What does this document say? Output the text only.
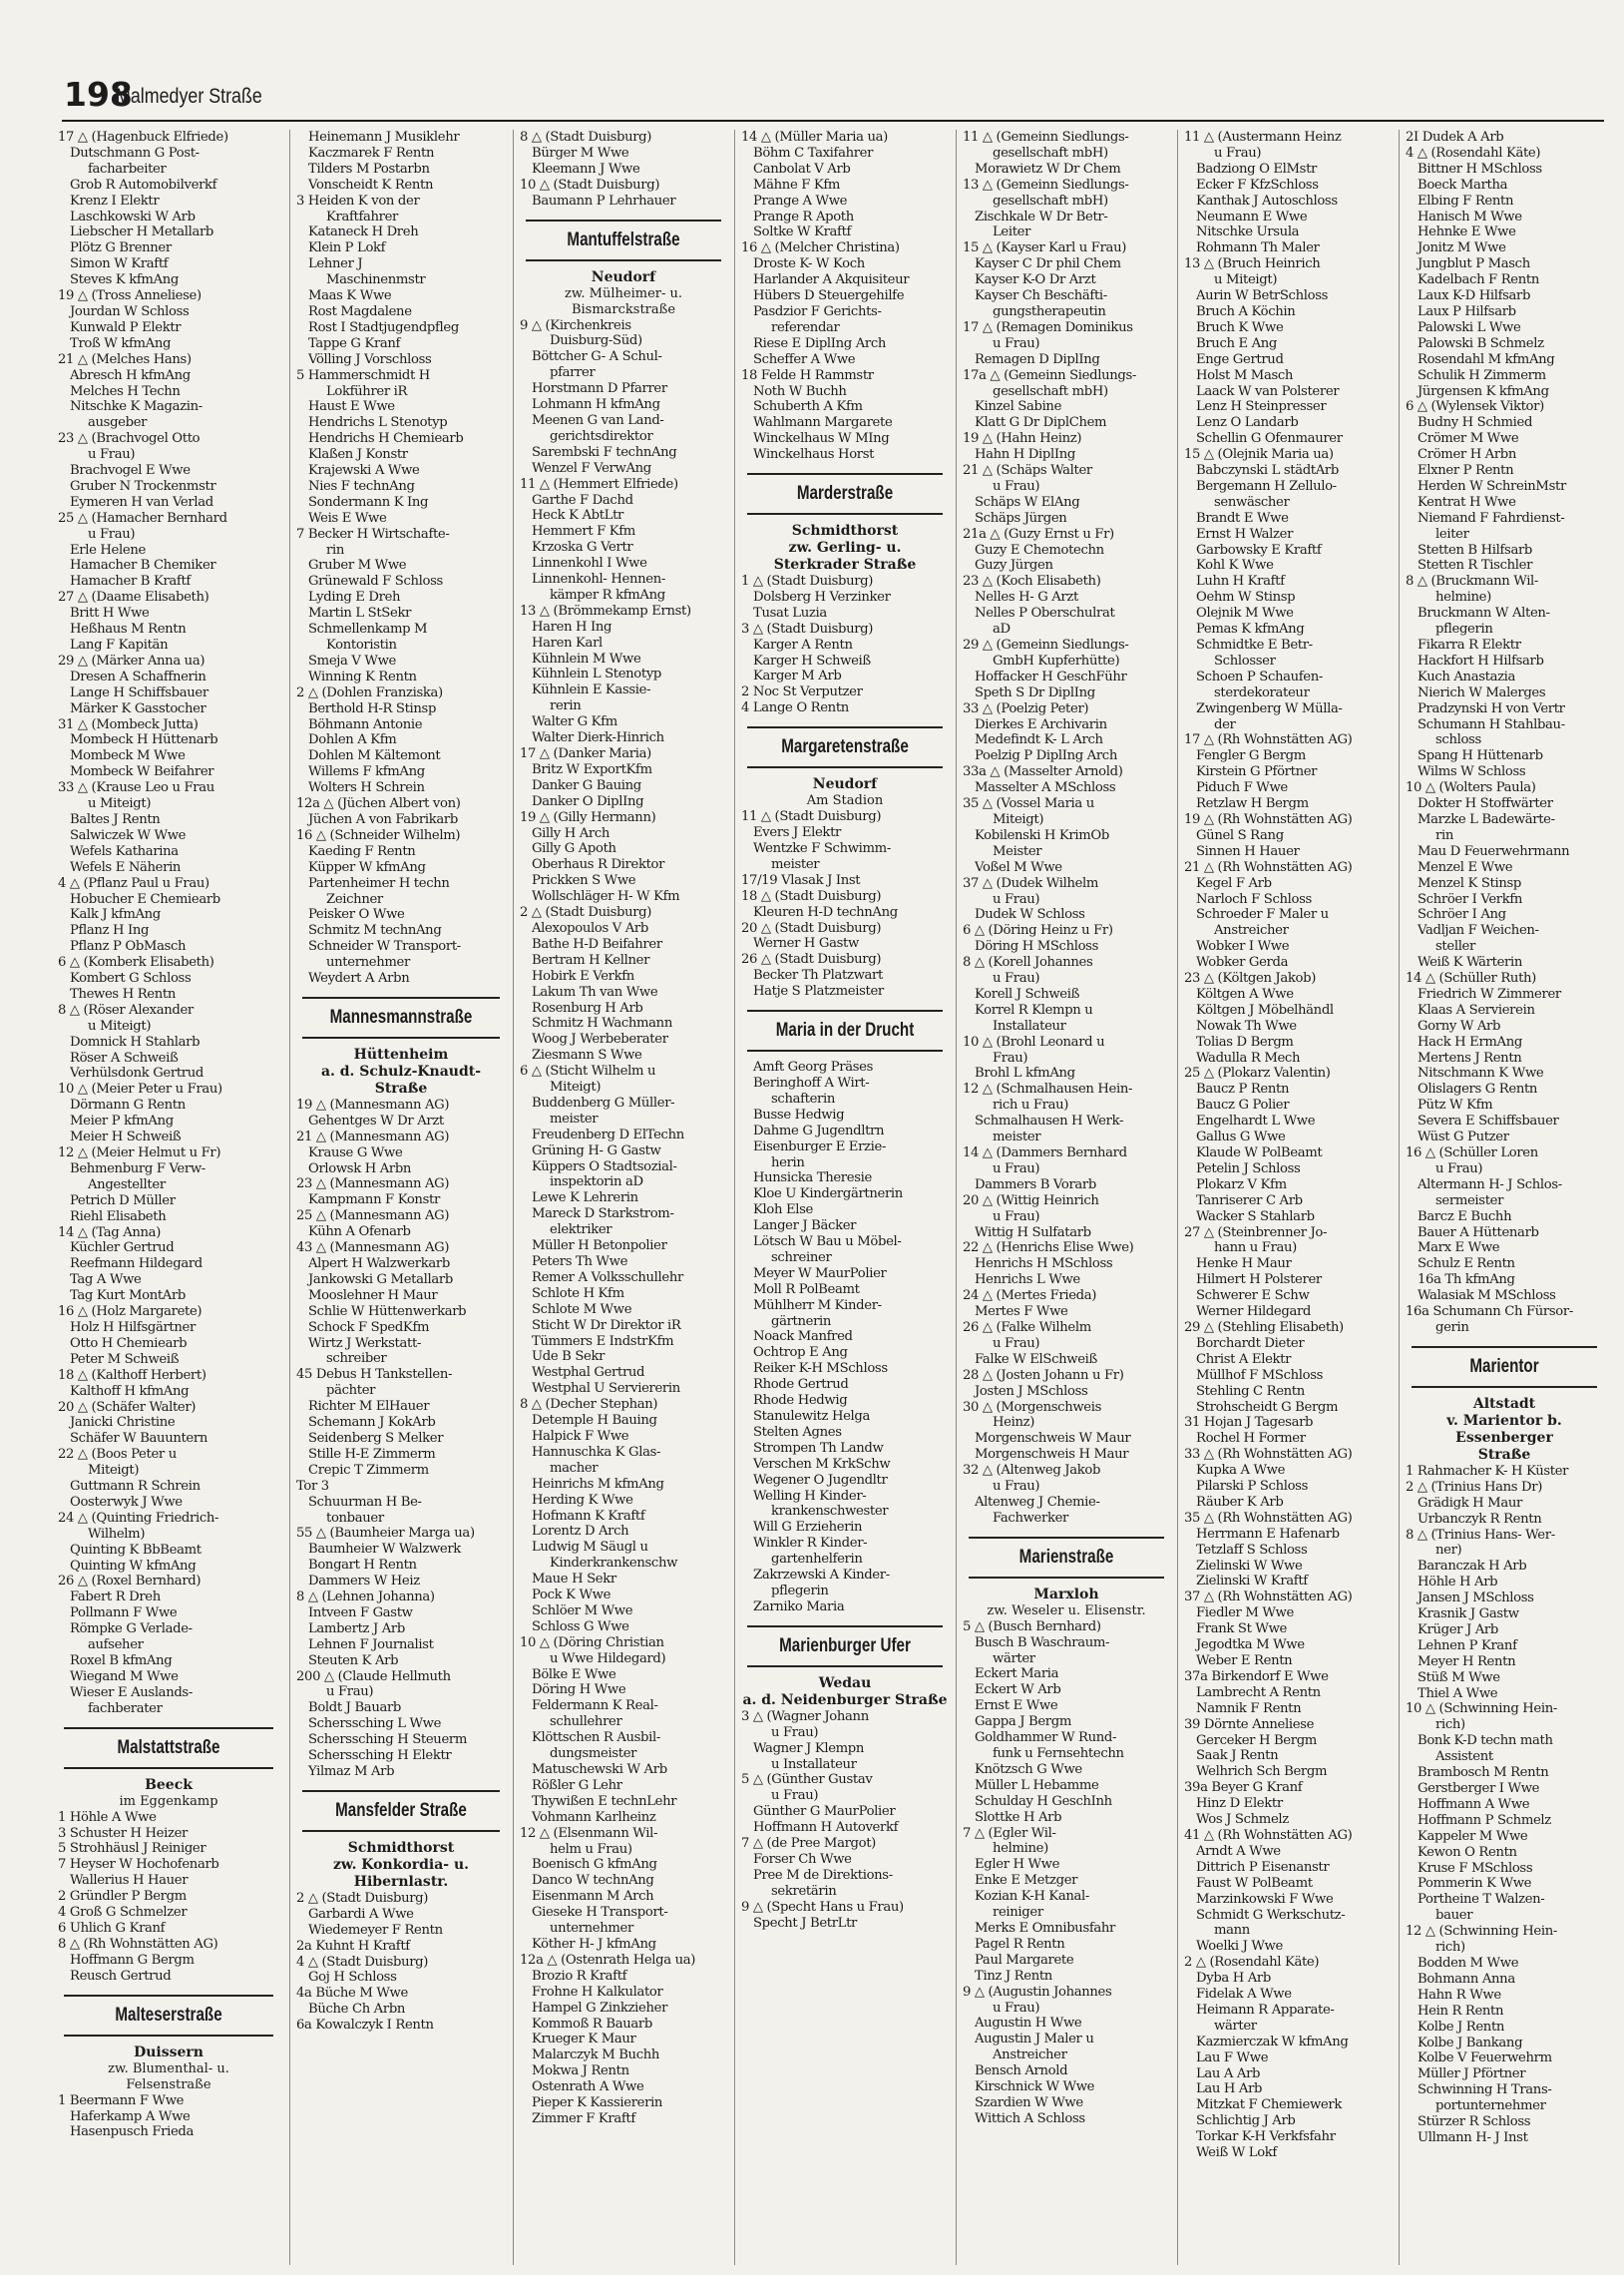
198
Malmedyer Straße
17 △ (Hagenbuck Elfriede)
Dutschmann G Post-
facharbeiter
Grob R Automobilverkf
Krenz I Elektr
Laschkowski W Arb
Liebscher H Metallarb
Plötz G Brenner
Simon W Kraftf
Steves K kfmAng
19 △ (Tross Anneliese)
Jourdan W Schloss
Kunwald P Elektr
Troß W kfmAng
21 △ (Melches Hans)
Abresch H kfmAng
Melches H Techn
Nitschke K Magazin-
ausgeber
23 △ (Brachvogel Otto
u Frau)
Brachvogel E Wwe
Gruber N Trockenmstr
Eymeren H van Verlad
25 △ (Hamacher Bernhard
u Frau)
Erle Helene
Hamacher B Chemiker
Hamacher B Kraftf
27 △ (Daame Elisabeth)
Britt H Wwe
Heßhaus M Rentn
Lang F Kapitän
29 △ (Märker Anna ua)
Dresen A Schaffnerin
Lange H Schiffsbauer
Märker K Gasstocher
31 △ (Mombeck Jutta)
Mombeck H Hüttenarb
Mombeck M Wwe
Mombeck W Beifahrer
33 △ (Krause Leo u Frau
u Miteigt)
Baltes J Rentn
Salwiczek W Wwe
Wefels Katharina
Wefels E Näherin
4 △ (Pflanz Paul u Frau)
Hobucher E Chemiearb
Kalk J kfmAng
Pflanz H Ing
Pflanz P ObMasch
6 △ (Komberk Elisabeth)
Kombert G Schloss
Thewes H Rentn
8 △ (Röser Alexander
u Miteigt)
Domnick H Stahlarb
Röser A Schweiß
Verhülsdonk Gertrud
10 △ (Meier Peter u Frau)
Dörmann G Rentn
Meier P kfmAng
Meier H Schweiß
12 △ (Meier Helmut u Fr)
Behmenburg F Verw-
Angestellter
Petrich D Müller
Riehl Elisabeth
14 △ (Tag Anna)
Küchler Gertrud
Reefmann Hildegard
Tag A Wwe
Tag Kurt MontArb
16 △ (Holz Margarete)
Holz H Hilfsgärtner
Otto H Chemiearb
Peter M Schweiß
18 △ (Kalthoff Herbert)
Kalthoff H kfmAng
20 △ (Schäfer Walter)
Janicki Christine
Schäfer W Bauuntern
22 △ (Boos Peter u
Miteigt)
Guttmann R Schrein
Oosterwyk J Wwe
24 △ (Quinting Friedrich-
Wilhelm)
Quinting K BbBeamt
Quinting W kfmAng
26 △ (Roxel Bernhard)
Fabert R Dreh
Pollmann F Wwe
Römpke G Verlade-
aufseher
Roxel B kfmAng
Wiegand M Wwe
Wieser E Auslands-
fachberater
Malstattstraße
Beeck
im Eggenkamp
1 Höhle A Wwe
3 Schuster H Heizer
5 Strohhäusl J Reiniger
7 Heyser W Hochofenarb
Wallerius H Hauer
2 Gründler P Bergm
4 Groß G Schmelzer
6 Uhlich G Kranf
8 △ (Rh Wohnstätten AG)
Hoffmann G Bergm
Reusch Gertrud
Malteserstraße
Duissern
zw. Blumenthal- u.
Felsenstraße
1 Beermann F Wwe
Haferkamp A Wwe
Hasenpusch Frieda
Heinemann J Musiklehr
Kaczmarek F Rentn
Tilders M Postarbn
Vonscheidt K Rentn
3 Heiden K von der
Kraftfahrer
Kataneck H Dreh
Klein P Lokf
Lehner J
Maschinenmstr
Maas K Wwe
Rost Magdalene
Rost I Stadtjugendpfleg
Tappe G Kranf
Völling J Vorschloss
5 Hammerschmidt H
Lokführer iR
Haust E Wwe
Hendrichs L Stenotyp
Hendrichs H Chemiearb
Klaßen J Konstr
Krajewski A Wwe
Nies F technAng
Sondermann K Ing
Weis E Wwe
7 Becker H Wirtschafte-
rin
Gruber M Wwe
Grünewald F Schloss
Lyding E Dreh
Martin L StSekr
Schmellenkamp M
Kontoristin
Smeja V Wwe
Winning K Rentn
2 △ (Dohlen Franziska)
Berthold H-R Stinsp
Böhmann Antonie
Dohlen A Kfm
Dohlen M Kältemont
Willems F kfmAng
Wolters H Schrein
12a △ (Jüchen Albert von)
Jüchen A von Fabrikarb
16 △ (Schneider Wilhelm)
Kaeding F Rentn
Küpper W kfmAng
Partenheimer H techn
Zeichner
Peisker O Wwe
Schmitz M technAng
Schneider W Transport-
unternehmer
Weydert A Arbn
Mannesmannstraße
Hüttenheim
a. d. Schulz-Knaudt-Straße
19 △ (Mannesmann AG)
Gehentges W Dr Arzt
21 △ (Mannesmann AG)
Krause G Wwe
Orlowsk H Arbn
23 △ (Mannesmann AG)
Kampmann F Konstr
25 △ (Mannesmann AG)
Kühn A Ofenarb
43 △ (Mannesmann AG)
Alpert H Walzwerkarb
Jankowski G Metallarb
Mooslehner H Maur
Schlie W Hüttenwerkarb
Schock F SpedKfm
Wirtz J Werkstatt-
schreiber
45 Debus H Tankstellen-
pächter
Richter M ElHauer
Schemann J KokArb
Seidenberg S Melker
Stille H-E Zimmerm
Crepic T Zimmerm
Tor 3
Schuurman H Be-
tonbauer
55 △ (Baumheier Marga ua)
Baumheier W Walzwerk
Bongart H Rentn
Dammers W Heiz
8 △ (Lehnen Johanna)
Intveen F Gastw
Lambertz J Arb
Lehnen F Journalist
Steuten K Arb
200 △ (Claude Hellmuth
u Frau)
Boldt J Bauarb
Scherssching L Wwe
Scherssching H Steuerm
Scherssching H Elektr
Yilmaz M Arb
Mansfelder Straße
Schmidthorst
zw. Konkordia- u.
Hibernlastr.
2 △ (Stadt Duisburg)
Garbardi A Wwe
Wiedemeyer F Rentn
2a Kuhnt H Kraftf
4 △ (Stadt Duisburg)
Goj H Schloss
4a Büche M Wwe
Büche Ch Arbn
6a Kowalczyk I Rentn
8 △ (Stadt Duisburg)
Bürger M Wwe
Kleemann J Wwe
10 △ (Stadt Duisburg)
Baumann P Lehrhauer
Mantuffelstraße
Neudorf
zw. Mülheimer- u.
Bismarckstraße
9 △ (Kirchenkreis
Duisburg-Süd)
Böttcher G- A Schul-
pfarrer
Horstmann D Pfarrer
Lohmann H kfmAng
Meenen G van Land-
gerichtsdirektor
Sarembski F technAng
Wenzel F VerwAng
11 △ (Hemmert Elfriede)
Garthe F Dachd
Heck K AbtLtr
Hemmert F Kfm
Krzoska G Vertr
Linnenkohl I Wwe
Linnenkohl- Hennen-
kämper R kfmAng
13 △ (Brömmekamp Ernst)
Haren H Ing
Haren Karl
Kühnlein M Wwe
Kühnlein L Stenotyp
Kühnlein E Kassie-
rerin
Walter G Kfm
Walter Dierk-Hinrich
17 △ (Danker Maria)
Britz W ExportKfm
Danker G Bauing
Danker O DiplIng
19 △ (Gilly Hermann)
Gilly H Arch
Gilly G Apoth
Oberhaus R Direktor
Prickken S Wwe
Wollschläger H- W Kfm
2 △ (Stadt Duisburg)
Alexopoulos V Arb
Bathe H-D Beifahrer
Bertram H Kellner
Hobirk E Verkfn
Lakum Th van Wwe
Rosenburg H Arb
Schmitz H Wachmann
Woog J Werbeberater
Ziesmann S Wwe
6 △ (Sticht Wilhelm u
Miteigt)
Buddenberg G Müller-
meister
Freudenberg D ElTechn
Grüning H- G Gastw
Küppers O Stadtsozial-
inspektorin aD
Lewe K Lehrerin
Mareck D Starkstrom-
elektriker
Müller H Betonpolier
Peters Th Wwe
Remer A Volksschullehr
Schlote H Kfm
Schlote M Wwe
Sticht W Dr Direktor iR
Tümmers E IndstrKfm
Ude B Sekr
Westphal Gertrud
Westphal U Serviererin
8 △ (Decher Stephan)
Detemple H Bauing
Halpick F Wwe
Hannuschka K Glas-
macher
Heinrichs M kfmAng
Herding K Wwe
Hofmann K Kraftf
Lorentz D Arch
Ludwig M Säugl u
Kinderkrankenschw
Maue H Sekr
Pock K Wwe
Schlöer M Wwe
Schloss G Wwe
10 △ (Döring Christian
u Wwe Hildegard)
Bölke E Wwe
Döring H Wwe
Feldermann K Real-
schullehrer
Klöttschen R Ausbil-
dungsmeister
Matuschewski W Arb
Rößler G Lehr
Thywißen E technLehr
Vohmann Karlheinz
12 △ (Elsenmann Wil-
helm u Frau)
Boenisch G kfmAng
Danco W technAng
Eisenmann M Arch
Gieseke H Transport-
unternehmer
Köther H- J kfmAng
12a △ (Ostenrath Helga ua)
Brozio R Kraftf
Frohne H Kalkulator
Hampel G Zinkzieher
Kommoß R Bauarb
Krueger K Maur
Malarczyk M Buchh
Mokwa J Rentn
Ostenrath A Wwe
Pieper K Kassiererin
Zimmer F Kraftf
14 △ (Müller Maria ua)
Böhm C Taxifahrer
Canbolat V Arb
Mähne F Kfm
Prange A Wwe
Prange R Apoth
Soltke W Kraftf
16 △ (Melcher Christina)
Droste K- W Koch
Harlander A Akquisiteur
Hübers D Steuergehilfe
Pasdzior F Gerichts-
referendar
Riese E DiplIng Arch
Scheffer A Wwe
18 Felde H Rammstr
Noth W Buchh
Schuberth A Kfm
Wahlmann Margarete
Winckelhaus W MIng
Winckelhaus Horst
Marderstraße
Schmidthorst
zw. Gerling- u.
Sterkrader Straße
1 △ (Stadt Duisburg)
Dolsberg H Verzinker
Tusat Luzia
3 △ (Stadt Duisburg)
Karger A Rentn
Karger H Schweiß
Karger M Arb
2 Noc St Verputzer
4 Lange O Rentn
Margaretenstraße
Neudorf
Am Stadion
11 △ (Stadt Duisburg)
Evers J Elektr
Wentzke F Schwimm-
meister
17/19 Vlasak J Inst
18 △ (Stadt Duisburg)
Kleuren H-D technAng
20 △ (Stadt Duisburg)
Werner H Gastw
26 △ (Stadt Duisburg)
Becker Th Platzwart
Hatje S Platzmeister
Maria in der Drucht
Amft Georg Präses
Beringhoff A Wirt-
schafterin
Busse Hedwig
Dahme G Jugendltrn
Eisenburger E Erzie-
herin
Hunsicka Theresie
Kloe U Kindergärtnerin
Kloh Else
Langer J Bäcker
Lötsch W Bau u Möbel-
schreiner
Meyer W MaurPolier
Moll R PolBeamt
Mühlherr M Kinder-
gärtnerin
Noack Manfred
Ochtrop E Ang
Reiker K-H MSchloss
Rhode Gertrud
Rhode Hedwig
Stanulewitz Helga
Stelten Agnes
Strompen Th Landw
Verschen M KrkSchw
Wegener O Jugendltr
Welling H Kinder-
krankenschwester
Will G Erzieherin
Winkler R Kinder-
gartenhelferin
Zakrzewski A Kinder-
pflegerin
Zarniko Maria
Marienburger Ufer
Wedau
a. d. Neidenburger Straße
3 △ (Wagner Johann
u Frau)
Wagner J Klempn
u Installateur
5 △ (Günther Gustav
u Frau)
Günther G MaurPolier
Hoffmann H Autoverkf
7 △ (de Pree Margot)
Forser Ch Wwe
Pree M de Direktions-
sekretärin
9 △ (Specht Hans u Frau)
Specht J BetrLtr
11 △ (Gemeinn Siedlungs-
gesellschaft mbH)
Morawietz W Dr Chem
13 △ (Gemeinn Siedlungs-
gesellschaft mbH)
Zischkale W Dr Betr-
Leiter
15 △ (Kayser Karl u Frau)
Kayser C Dr phil Chem
Kayser K-O Dr Arzt
Kayser Ch Beschäfti-
gungstherapeutin
17 △ (Remagen Dominikus
u Frau)
Remagen D DiplIng
17a △ (Gemeinn Siedlungs-
gesellschaft mbH)
Kinzel Sabine
Klatt G Dr DiplChem
19 △ (Hahn Heinz)
Hahn H DiplIng
21 △ (Schäps Walter
u Frau)
Schäps W ElAng
Schäps Jürgen
21a △ (Guzy Ernst u Fr)
Guzy E Chemotechn
Guzy Jürgen
23 △ (Koch Elisabeth)
Nelles H- G Arzt
Nelles P Oberschulrat
aD
29 △ (Gemeinn Siedlungs-
GmbH Kupferhütte)
Hoffacker H GeschFühr
Speth S Dr DiplIng
33 △ (Poelzig Peter)
Dierkes E Archivarin
Medefindt K- L Arch
Poelzig P DiplIng Arch
33a △ (Masselter Arnold)
Masselter A MSchloss
35 △ (Vossel Maria u
Miteigt)
Kobilenski H KrimOb
Meister
Voßel M Wwe
37 △ (Dudek Wilhelm
u Frau)
Dudek W Schloss
6 △ (Döring Heinz u Fr)
Döring H MSchloss
8 △ (Korell Johannes
u Frau)
Korell J Schweiß
Korrel R Klempn u
Installateur
10 △ (Brohl Leonard u
Frau)
Brohl L kfmAng
12 △ (Schmalhausen Hein-
rich u Frau)
Schmalhausen H Werk-
meister
14 △ (Dammers Bernhard
u Frau)
Dammers B Vorarb
20 △ (Wittig Heinrich
u Frau)
Wittig H Sulfatarb
22 △ (Henrichs Elise Wwe)
Henrichs H MSchloss
Henrichs L Wwe
24 △ (Mertes Frieda)
Mertes F Wwe
26 △ (Falke Wilhelm
u Frau)
Falke W ElSchweiß
28 △ (Josten Johann u Fr)
Josten J MSchloss
30 △ (Morgenschweis
Heinz)
Morgenschweis W Maur
Morgenschweis H Maur
32 △ (Altenweg Jakob
u Frau)
Altenweg J Chemie-
Fachwerker
Marienstraße
Marxloh
zw. Weseler u. Elisenstr.
5 △ (Busch Bernhard)
Busch B Waschraum-
wärter
Eckert Maria
Eckert W Arb
Ernst E Wwe
Gappa J Bergm
Goldhammer W Rund-
funk u Fernsehtechn
Knötzsch G Wwe
Müller L Hebamme
Schulday H GeschInh
Slottke H Arb
7 △ (Egler Wil-
helmine)
Egler H Wwe
Enke E Metzger
Kozian K-H Kanal-
reiniger
Merks E Omnibusfahr
Pagel R Rentn
Paul Margarete
Tinz J Rentn
9 △ (Augustin Johannes
u Frau)
Augustin H Wwe
Augustin J Maler u
Anstreicher
Bensch Arnold
Kirschnick W Wwe
Szardien W Wwe
Wittich A Schloss
11 △ (Austermann Heinz
u Frau)
Badziong O ElMstr
Ecker F KfzSchloss
Kanthak J Autoschloss
Neumann E Wwe
Nitschke Ursula
Rohmann Th Maler
13 △ (Bruch Heinrich
u Miteigt)
Aurin W BetrSchloss
Bruch A Köchin
Bruch K Wwe
Bruch E Ang
Enge Gertrud
Holst M Masch
Laack W van Polsterer
Lenz H Steinpresser
Lenz O Landarb
Schellin G Ofenmaurer
15 △ (Olejnik Maria ua)
Babczynski L städtArb
Bergemann H Zellulo-
senwäscher
Brandt E Wwe
Ernst H Walzer
Garbowsky E Kraftf
Kohl K Wwe
Luhn H Kraftf
Oehm W Stinsp
Olejnik M Wwe
Pemas K kfmAng
Schmidtke E Betr-
Schlosser
Schoen P Schaufen-
sterdekorateur
Zwingenberg W Mülla-
der
17 △ (Rh Wohnstätten AG)
Fengler G Bergm
Kirstein G Pförtner
Piduch F Wwe
Retzlaw H Bergm
19 △ (Rh Wohnstätten AG)
Günel S Rang
Sinnen H Hauer
21 △ (Rh Wohnstätten AG)
Kegel F Arb
Narloch F Schloss
Schroeder F Maler u
Anstreicher
Wobker I Wwe
Wobker Gerda
23 △ (Költgen Jakob)
Költgen A Wwe
Költgen J Möbelhändl
Nowak Th Wwe
Tolias D Bergm
Wadulla R Mech
25 △ (Plokarz Valentin)
Baucz P Rentn
Baucz G Polier
Engelhardt L Wwe
Gallus G Wwe
Klaude W PolBeamt
Petelin J Schloss
Plokarz V Kfm
Tanriserer C Arb
Wacker S Stahlarb
27 △ (Steinbrenner Jo-
hann u Frau)
Henke H Maur
Hilmert H Polsterer
Schwerer E Schw
Werner Hildegard
29 △ (Stehling Elisabeth)
Borchardt Dieter
Christ A Elektr
Müllhof F MSchloss
Stehling C Rentn
Strohscheidt G Bergm
31 Hojan J Tagesarb
Rochel H Former
33 △ (Rh Wohnstätten AG)
Kupka A Wwe
Pilarski P Schloss
Räuber K Arb
35 △ (Rh Wohnstätten AG)
Herrmann E Hafenarb
Tetzlaff S Schloss
Zielinski W Wwe
Zielinski W Kraftf
37 △ (Rh Wohnstätten AG)
Fiedler M Wwe
Frank St Wwe
Jegodtka M Wwe
Weber E Rentn
37a Birkendorf E Wwe
Lambrecht A Rentn
Namnik F Rentn
39 Dörnte Anneliese
Gerceker H Bergm
Saak J Rentn
Welhrich Sch Bergm
39a Beyer G Kranf
Hinz D Elektr
Wos J Schmelz
41 △ (Rh Wohnstätten AG)
Arndt A Wwe
Dittrich P Eisenanstr
Faust W PolBeamt
Marzinkowski F Wwe
Schmidt G Werkschutz-
mann
Woelki J Wwe
2 △ (Rosendahl Käte)
Dyba H Arb
Fidelak A Wwe
Heimann R Apparate-
wärter
Kazmierczak W kfmAng
Lau F Wwe
Lau A Arb
Lau H Arb
Mitzkat F Chemiewerk
Schlichtig J Arb
Torkar K-H Verkfsfahr
Weiß W Lokf
2I Dudek A Arb
4 △ (Rosendahl Käte)
Bittner H MSchloss
Boeck Martha
Elbing F Rentn
Hanisch M Wwe
Hehnke E Wwe
Jonitz M Wwe
Jungblut P Masch
Kadelbach F Rentn
Laux K-D Hilfsarb
Laux P Hilfsarb
Palowski L Wwe
Palowski B Schmelz
Rosendahl M kfmAng
Schulik H Zimmerm
Jürgensen K kfmAng
6 △ (Wylensek Viktor)
Budny H Schmied
Crömer M Wwe
Crömer H Arbn
Elxner P Rentn
Herden W SchreinMstr
Kentrat H Wwe
Niemand F Fahrdienst-
leiter
Stetten B Hilfsarb
Stetten R Tischler
8 △ (Bruckmann Wil-
helmine)
Bruckmann W Alten-
pflegerin
Fikarra R Elektr
Hackfort H Hilfsarb
Kuch Anastazia
Nierich W Malerges
Pradzynski H von Vertr
Schumann H Stahlbau-
schloss
Spang H Hüttenarb
Wilms W Schloss
10 △ (Wolters Paula)
Dokter H Stoffwärter
Marzke L Badewärte-
rin
Mau D Feuerwehrmann
Menzel E Wwe
Menzel K Stinsp
Schröer I Verkfn
Schröer I Ang
Vadljan F Weichen-
steller
Weiß K Wärterin
14 △ (Schüller Ruth)
Friedrich W Zimmerer
Klaas A Servierein
Gorny W Arb
Hack H ErmAng
Mertens J Rentn
Nitschmann K Wwe
Olislagers G Rentn
Pütz W Kfm
Severa E Schiffsbauer
Wüst G Putzer
16 △ (Schüller Loren
u Frau)
Altermann H- J Schlos-
sermeister
Barcz E Buchh
Bauer A Hüttenarb
Marx E Wwe
Schulz E Rentn
16a Th kfmAng
Walasiak M MSchloss
16a Schumann Ch Fürsor-
gerin
Marientor
Altstadt
v. Marientor b. Essenberger
Straße
1 Rahmacher K- H Küster
2 △ (Trinius Hans Dr)
Grädigk H Maur
Urbanczyk R Rentn
8 △ (Trinius Hans- Wer-
ner)
Baranczak H Arb
Höhle H Arb
Jansen J MSchloss
Krasnik J Gastw
Krüger J Arb
Lehnen P Kranf
Meyer H Rentn
Stüß M Wwe
Thiel A Wwe
10 △ (Schwinning Hein-
rich)
Bonk K-D techn math
Assistent
Brambosch M Rentn
Gerstberger I Wwe
Hoffmann A Wwe
Hoffmann P Schmelz
Kappeler M Wwe
Kewon O Rentn
Kruse F MSchloss
Pommerin K Wwe
Portheine T Walzen-
bauer
12 △ (Schwinning Hein-
rich)
Bodden M Wwe
Bohmann Anna
Hahn R Wwe
Hein R Rentn
Kolbe J Rentn
Kolbe J Bankang
Kolbe V Feuerwehrm
Müller J Pförtner
Schwinning H Trans-
portunternehmer
Stürzer R Schloss
Ullmann H- J Inst
